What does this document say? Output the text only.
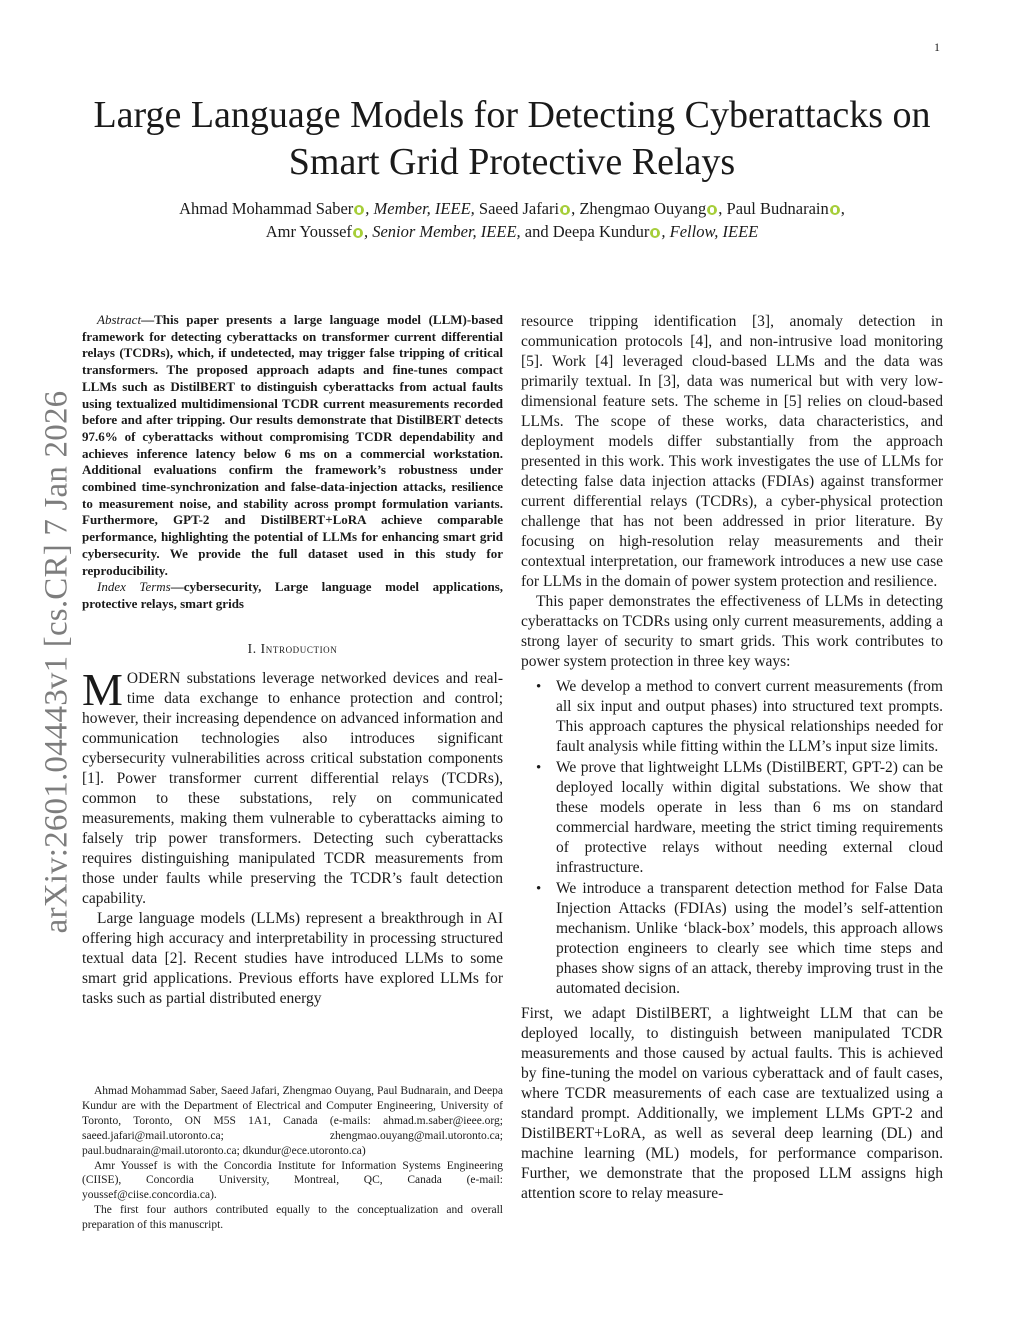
1
arXiv:2601.04443v1 [cs.CR] 7 Jan 2026
Large Language Models for Detecting Cyberattacks on Smart Grid Protective Relays
Ahmad Mohammad Saber , Member, IEEE, Saeed Jafari , Zhengmao Ouyang , Paul Budnarain ,
Amr Youssef , Senior Member, IEEE, and Deepa Kundur , Fellow, IEEE

Abstract—This paper presents a large language model (LLM)-based framework for detecting cyberattacks on transformer current differential relays (TCDRs), which, if undetected, may trigger false tripping of critical transformers. The proposed approach adapts and fine-tunes compact LLMs such as DistilBERT to distinguish cyberattacks from actual faults using textualized multidimensional TCDR current measurements recorded before and after tripping. Our results demonstrate that DistilBERT detects 97.6% of cyberattacks without compromising TCDR dependability and achieves inference latency below 6 ms on a commercial workstation. Additional evaluations confirm the framework’s robustness under combined time-synchronization and false-data-injection attacks, resilience to measurement noise, and stability across prompt formulation variants. Furthermore, GPT-2 and DistilBERT+LoRA achieve comparable performance, highlighting the potential of LLMs for enhancing smart grid cybersecurity. We provide the full dataset used in this study for reproducibility.

Index Terms—cybersecurity, Large language model applications, protective relays, smart grids

I. Introduction

MODERN substations leverage networked devices and real-time data exchange to enhance protection and control; however, their increasing dependence on advanced information and communication technologies also introduces significant cybersecurity vulnerabilities across critical substation components [1]. Power transformer current differential relays (TCDRs), common to these substations, rely on communicated measurements, making them vulnerable to cyberattacks aiming to falsely trip power transformers. Detecting such cyberattacks requires distinguishing manipulated TCDR measurements from those under faults while preserving the TCDR’s fault detection capability.

Large language models (LLMs) represent a breakthrough in AI offering high accuracy and interpretability in processing structured textual data [2]. Recent studies have introduced LLMs to some smart grid applications. Previous efforts have explored LLMs for tasks such as partial distributed energy

Ahmad Mohammad Saber, Saeed Jafari, Zhengmao Ouyang, Paul Budnarain, and Deepa Kundur are with the Department of Electrical and Computer Engineering, University of Toronto, Toronto, ON M5S 1A1, Canada (e-mails: ahmad.m.saber@ieee.org; saeed.jafari@mail.utoronto.ca; zhengmao.ouyang@mail.utoronto.ca; paul.budnarain@mail.utoronto.ca; dkundur@ece.utoronto.ca)

Amr Youssef is with the Concordia Institute for Information Systems Engineering (CIISE), Concordia University, Montreal, QC, Canada (e-mail: youssef@ciise.concordia.ca).

The first four authors contributed equally to the conceptualization and overall preparation of this manuscript.

resource tripping identification [3], anomaly detection in communication protocols [4], and non-intrusive load monitoring [5]. Work [4] leveraged cloud-based LLMs and the data was primarily textual. In [3], data was numerical but with very low-dimensional feature sets. The scheme in [5] relies on cloud-based LLMs. The scope of these works, data characteristics, and deployment models differ substantially from the approach presented in this work. This work investigates the use of LLMs for detecting false data injection attacks (FDIAs) against transformer current differential relays (TCDRs), a cyber-physical protection challenge that has not been addressed in prior literature. By focusing on high-resolution relay measurements and their contextual interpretation, our framework introduces a new use case for LLMs in the domain of power system protection and resilience.

This paper demonstrates the effectiveness of LLMs in detecting cyberattacks on TCDRs using only current measurements, adding a strong layer of security to smart grids. This work contributes to power system protection in three key ways:

• We develop a method to convert current measurements (from all six input and output phases) into structured text prompts. This approach captures the physical relationships needed for fault analysis while fitting within the LLM’s input size limits.
• We prove that lightweight LLMs (DistilBERT, GPT-2) can be deployed locally within digital substations. We show that these models operate in less than 6 ms on standard commercial hardware, meeting the strict timing requirements of protective relays without needing external cloud infrastructure.
• We introduce a transparent detection method for False Data Injection Attacks (FDIAs) using the model’s self-attention mechanism. Unlike ‘black-box’ models, this approach allows protection engineers to clearly see which time steps and phases show signs of an attack, thereby improving trust in the automated decision.

First, we adapt DistilBERT, a lightweight LLM that can be deployed locally, to distinguish between manipulated TCDR measurements and those caused by actual faults. This is achieved by fine-tuning the model on various cyberattack and of fault cases, where TCDR measurements of each case are textualized using a standard prompt. Additionally, we implement LLMs GPT-2 and DistilBERT+LoRA, as well as several deep learning (DL) and machine learning (ML) models, for performance comparison. Further, we demonstrate that the proposed LLM assigns high attention score to relay measure-
